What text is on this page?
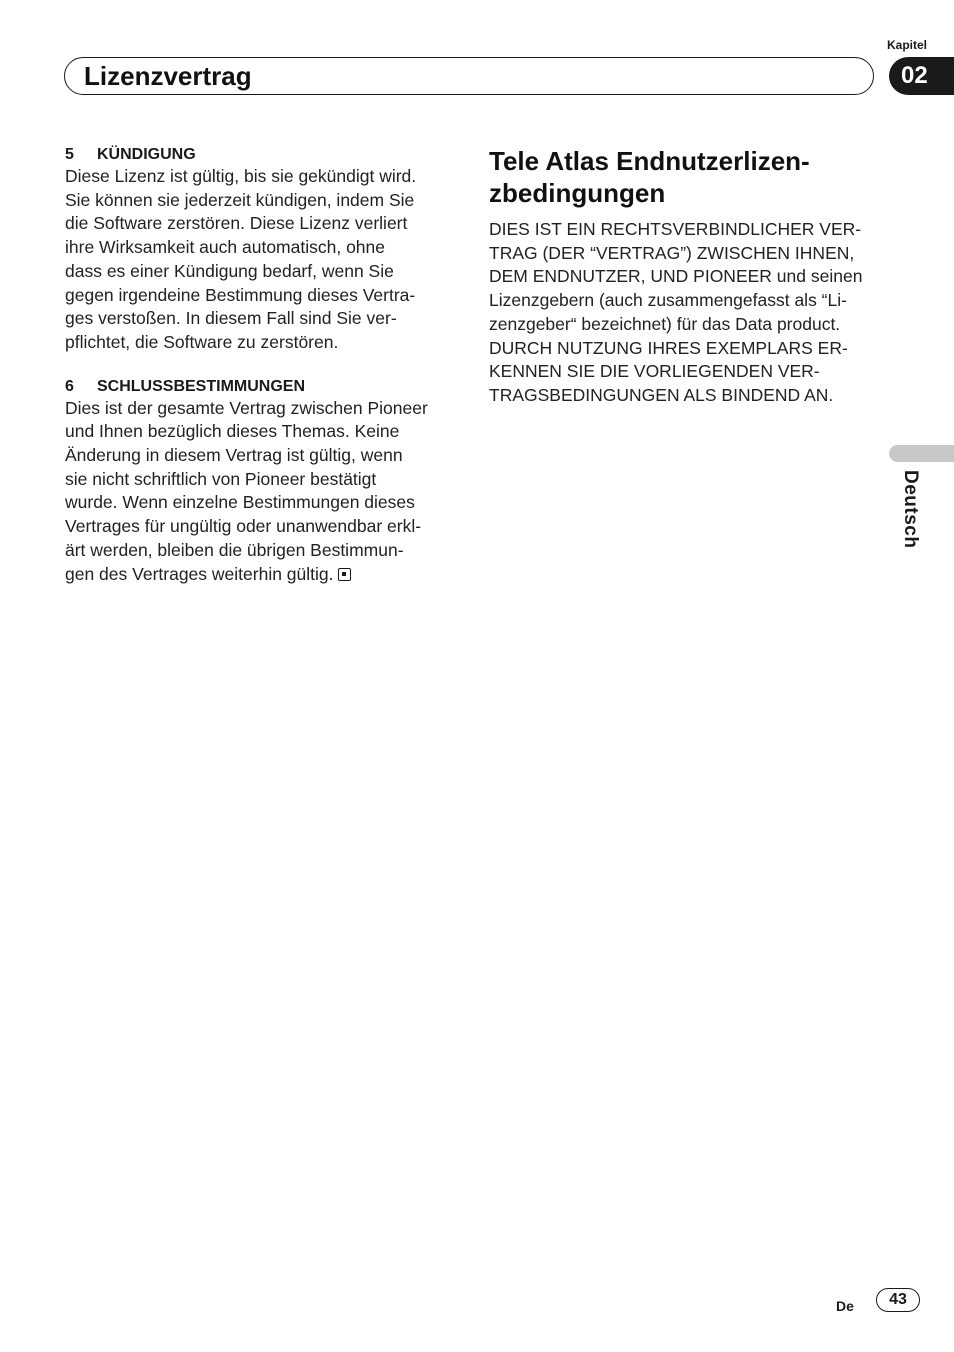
Lizenzvertrag
Kapitel
02
Deutsch

5 KÜNDIGUNG

Diese Lizenz ist gültig, bis sie gekündigt wird.
Sie können sie jederzeit kündigen, indem Sie
die Software zerstören. Diese Lizenz verliert
ihre Wirksamkeit auch automatisch, ohne
dass es einer Kündigung bedarf, wenn Sie
gegen irgendeine Bestimmung dieses Vertra-
ges verstoßen. In diesem Fall sind Sie ver-
pflichtet, die Software zu zerstören.

6 SCHLUSSBESTIMMUNGEN

Dies ist der gesamte Vertrag zwischen Pioneer
und Ihnen bezüglich dieses Themas. Keine
Änderung in diesem Vertrag ist gültig, wenn
sie nicht schriftlich von Pioneer bestätigt
wurde. Wenn einzelne Bestimmungen dieses
Vertrages für ungültig oder unanwendbar erkl-
ärt werden, bleiben die übrigen Bestimmun-
gen des Vertrages weiterhin gültig.

Tele Atlas Endnutzerlizen-
zbedingungen

DIES IST EIN RECHTSVERBINDLICHER VER-
TRAG (DER “VERTRAG”) ZWISCHEN IHNEN,
DEM ENDNUTZER, UND PIONEER und seinen
Lizenzgebern (auch zusammengefasst als “Li-
zenzgeber“ bezeichnet) für das Data product.
DURCH NUTZUNG IHRES EXEMPLARS ER-
KENNEN SIE DIE VORLIEGENDEN VER-
TRAGSBEDINGUNGEN ALS BINDEND AN.

De	43
